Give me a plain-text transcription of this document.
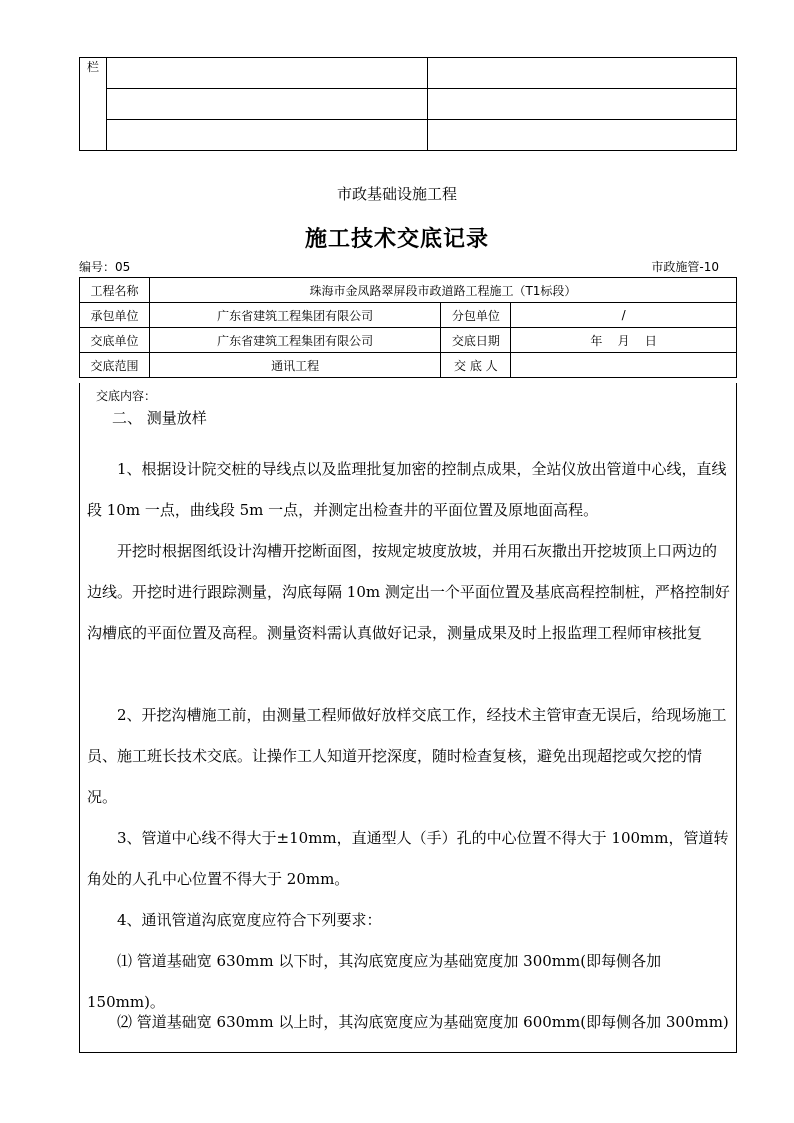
栏
市政基础设施工程
施工技术交底记录
编号：05	市政施管-10
工程名称	珠海市金凤路翠屏段市政道路工程施工（T1标段）		
承包单位	广东省建筑工程集团有限公司	分包单位	/
交底单位	广东省建筑工程集团有限公司	交底日期	年    月    日
交底范围	通讯工程	交 底 人	
交底内容：
二、 测量放样
1、根据设计院交桩的导线点以及监理批复加密的控制点成果，全站仪放出管道中心线，直线段 10m 一点，曲线段 5m 一点，并测定出检查井的平面位置及原地面高程。
开挖时根据图纸设计沟槽开挖断面图，按规定坡度放坡，并用石灰撒出开挖坡顶上口两边的边线。开挖时进行跟踪测量，沟底每隔 10m 测定出一个平面位置及基底高程控制桩，严格控制好沟槽底的平面位置及高程。测量资料需认真做好记录，测量成果及时上报监理工程师审核批复
2、开挖沟槽施工前，由测量工程师做好放样交底工作，经技术主管审查无误后，给现场施工员、施工班长技术交底。让操作工人知道开挖深度，随时检查复核，避免出现超挖或欠挖的情况。
3、管道中心线不得大于±10mm，直通型人（手）孔的中心位置不得大于 100mm，管道转角处的人孔中心位置不得大于 20mm。
4、通讯管道沟底宽度应符合下列要求：
⑴ 管道基础宽 630mm 以下时，其沟底宽度应为基础宽度加 300mm(即每侧各加 150mm)。
⑵ 管道基础宽 630mm 以上时，其沟底宽度应为基础宽度加 600mm(即每侧各加 300mm)
